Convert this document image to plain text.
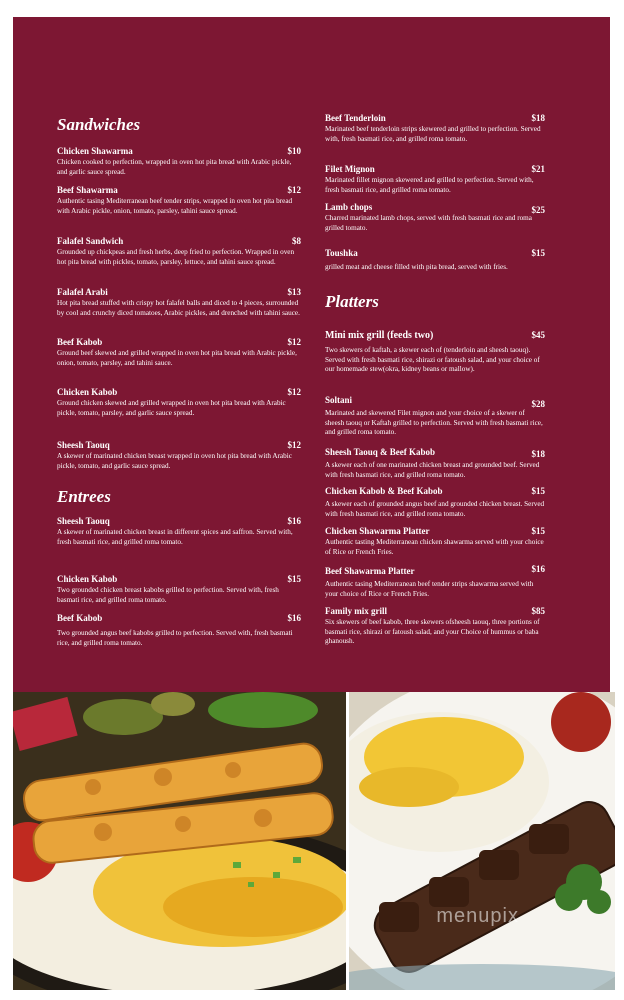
Sandwiches
Chicken Shawarma	$10
Chicken cooked to perfection, wrapped in oven hot pita bread with Arabic pickle, and garlic sauce spread.
Beef Shawarma	$12
Authentic tasing Mediterranean beef tender strips, wrapped in oven hot pita bread with Arabic pickle, onion, tomato, parsley, tahini sauce spread.
Falafel Sandwich	$8
Grounded up chickpeas and fresh herbs, deep fried to perfection. Wrapped in oven hot pita bread with pickles, tomato, parsley, lettuce, and tahini sauce spread.
Falafel Arabi	$13
Hot pita bread stuffed with crispy hot falafel balls and diced to 4 pieces, surrounded by cool and crunchy diced tomatoes, Arabic pickles, and drenched with tahini sauce.
Beef Kabob	$12
Ground beef skewed and grilled wrapped in oven hot pita bread with Arabic pickle, onion, tomato, parsley, and tahini sauce.
Chicken Kabob	$12
Ground chicken skewed and grilled wrapped in oven hot pita bread with Arabic pickle, tomato, parsley, and garlic sauce spread.
Sheesh Taouq	$12
A skewer of marinated chicken breast wrapped in oven hot pita bread with Arabic pickle, tomato, and garlic sauce spread.
Entrees
Sheesh Taouq	$16
A skewer of marinated chicken breast in different spices and saffron. Served with, fresh basmati rice, and grilled roma tomato.
Chicken Kabob	$15
Two grounded chicken breast kabobs grilled to perfection. Served with, fresh basmati rice, and grilled roma tomato.
Beef Kabob	$16
Two grounded angus beef kabobs grilled to perfection. Served with, fresh basmati rice, and grilled roma tomato.
Beef Tenderloin	$18
Marinated beef tenderloin strips skewered and grilled to perfection. Served with, fresh basmati rice, and grilled roma tomato.
Filet Mignon	$21
Marinated fillet mignon skewered and grilled to perfection. Served with, fresh basmati rice, and grilled roma tomato.
Lamb chops	$25
Charred marinated lamb chops, served with fresh basmati rice and roma grilled tomato.
Toushka	$15
grilled meat and cheese filled with pita bread, served with fries.
Platters
Mini mix grill (feeds two)	$45
Two skewers of kaftah, a skewer each of (tenderloin and sheesh taouq). Served with fresh basmati rice, shirazi or fatoush salad, and your choice of our homemade stew(okra, kidney beans or mallow).
Soltani	$28
Marinated and skewered Filet mignon and your choice of a skewer of sheesh taouq or Kaftah grilled to perfection. Served with fresh basmati rice, and grilled roma tomato.
Sheesh Taouq & Beef Kabob	$18
A skewer each of one marinated chicken breast and grounded beef. Served with fresh basmati rice, and grilled roma tomato.
Chicken Kabob & Beef Kabob	$15
A skewer each of grounded angus beef and grounded chicken breast. Served with fresh basmati rice, and grilled roma tomato.
Chicken Shawarma Platter	$15
Authentic tasting Mediterranean chicken shawarma served with your choice of Rice or French Fries.
Beef Shawarma Platter	$16
Authentic tasing Mediterranean beef tender strips shawarma served with your choice of Rice or French Fries.
Family mix grill	$85
Six skewers of beef kabob, three skewers ofsheesh taouq, three portions of basmati rice, shirazi or fatoush salad, and your Choice of hummus or baba ghanoush.
menupix
